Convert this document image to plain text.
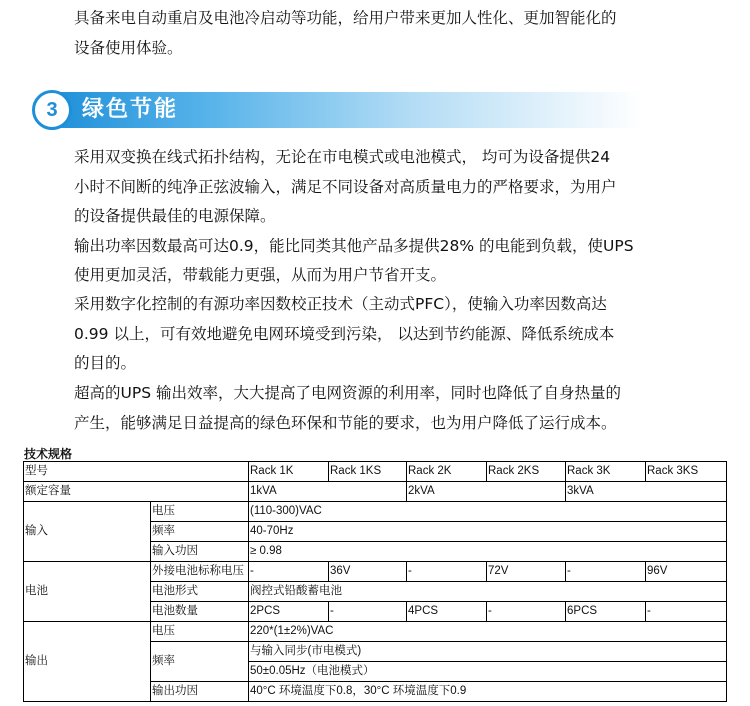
具备来电自动重启及电池冷启动等功能，给用户带来更加人性化、更加智能化的
设备使用体验。
3	绿色节能
采用双变换在线式拓扑结构，无论在市电模式或电池模式， 均可为设备提供24
小时不间断的纯净正弦波输入，满足不同设备对高质量电力的严格要求，为用户
的设备提供最佳的电源保障。
输出功率因数最高可达0.9，能比同类其他产品多提供28% 的电能到负载，使UPS
使用更加灵活，带载能力更强，从而为用户节省开支。
采用数字化控制的有源功率因数校正技术（主动式PFC），使输入功率因数高达
0.99 以上，可有效地避免电网环境受到污染， 以达到节约能源、降低系统成本
的目的。
超高的UPS 输出效率，大大提高了电网资源的利用率，同时也降低了自身热量的
产生，能够满足日益提高的绿色环保和节能的要求，也为用户降低了运行成本。
技术规格
型号		Rack 1K	Rack 1KS	Rack 2K	Rack 2KS	Rack 3K	Rack 3KS
额定容量		1kVA		2kVA		3kVA	
输入	电压	(110-300)VAC					
	频率	40-70Hz					
	输入功因	≥ 0.98					
电池	外接电池标称电压	-	36V	-	72V	-	96V
	电池形式	阀控式铅酸蓄电池					
	电池数量	2PCS	-	4PCS	-	6PCS	-
输出	电压	220*(1±2%)VAC					
	频率	与输入同步(市电模式)					
		50±0.05Hz（电池模式）					
	输出功因	40°C 环境温度下0.8，30°C 环境温度下0.9					
